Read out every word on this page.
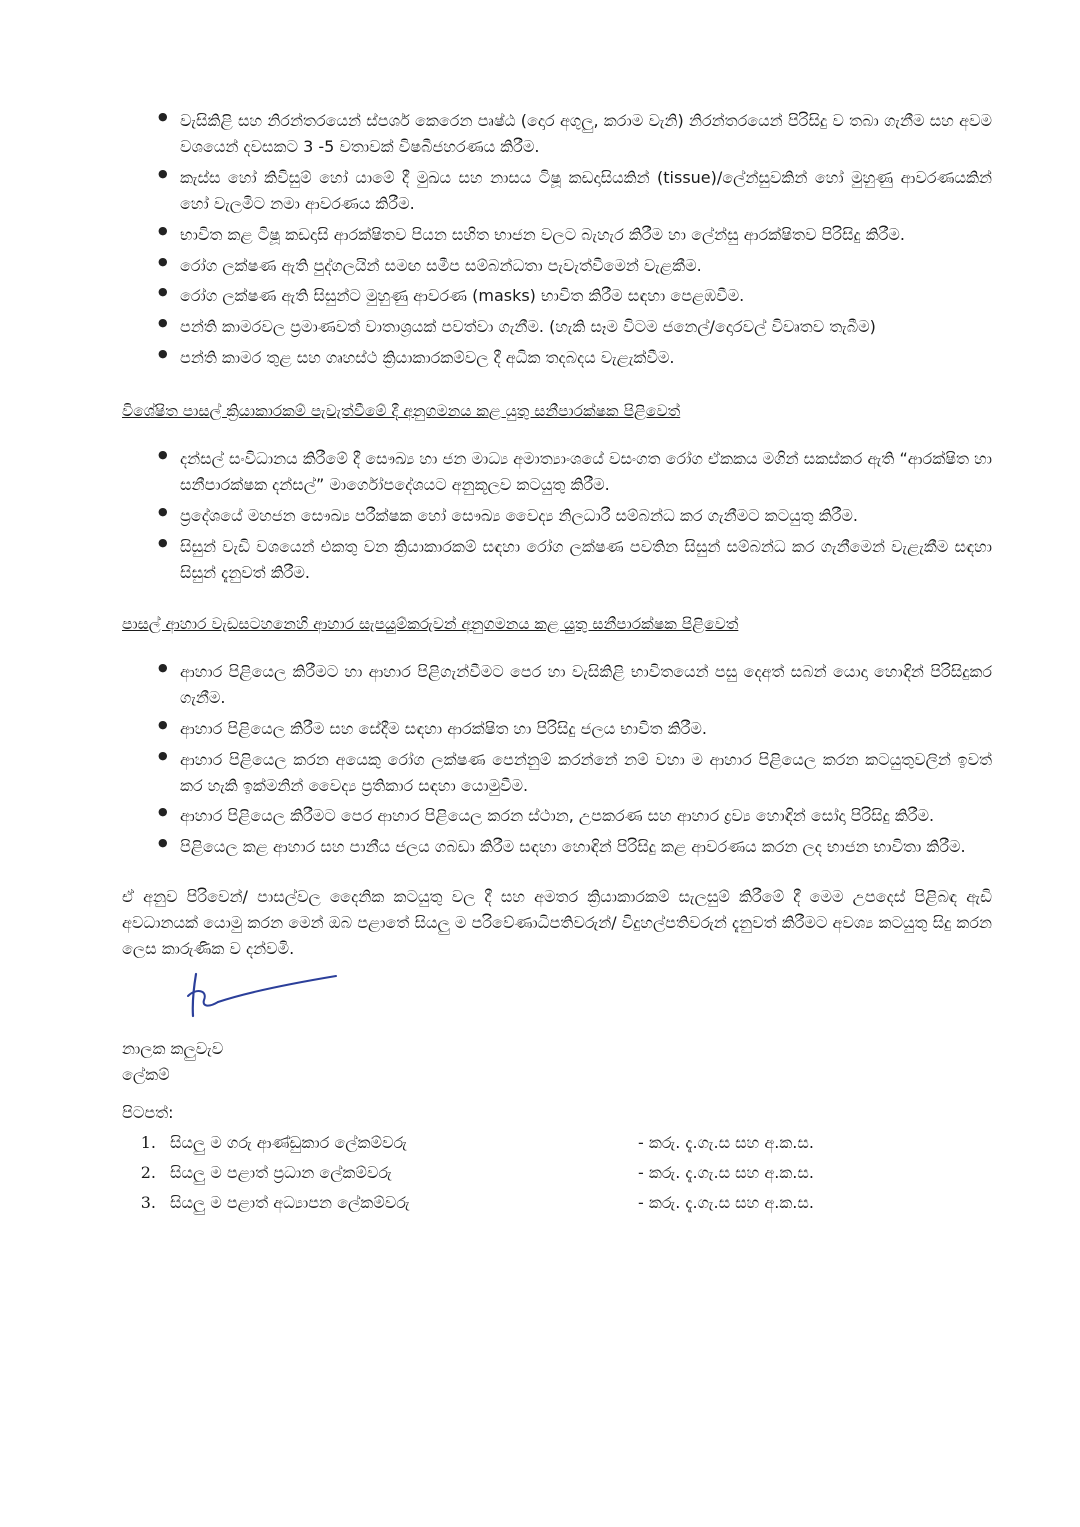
● වැසිකිළි සහ නිරන්තරයෙන් ස්පර්ශ කෙරෙන පෘෂ්ඨ (දොර අගුලු, කරාම වැනි) නිරන්තරයෙන් පිරිසිදු ව තබා ගැනීම සහ අවම වශයෙන් දවසකට 3 -5 වතාවක් විෂබීජහරණය කිරීම.
● කැස්ස හෝ කිවිසුම් හෝ යාමේ දී මුඛය සහ නාසය ටිෂූ කඩදාසියකින් (tissue)/ලේන්සුවකින් හෝ මුහුණු ආවරණයකින් හෝ වැලමිට නමා ආවරණය කිරීම.
● භාවිත කළ ටිෂූ කඩදාසි ආරක්ෂිතව පියන සහිත භාජන වලට බැහැර කිරීම හා ලේන්සු ආරක්ෂිතව පිරිසිදු කිරීම.
● රෝග ලක්ෂණ ඇති පුද්ගලයින් සමඟ සමීප සම්බන්ධතා පැවැත්වීමෙන් වැළකීම.
● රෝග ලක්ෂණ ඇති සිසුන්ට මුහුණු ආවරණ (masks) භාවිත කිරීම සඳහා පෙළඹවීම.
● පන්ති කාමරවල ප්‍රමාණවත් වාතාශ්‍රයක් පවත්වා ගැනීම. (හැකි සෑම විටම ජනෙල්/දොරවල් විවෘතව තැබීම)
● පන්ති කාමර තුළ සහ ගෘහස්ථ ක්‍රියාකාරකම්වල දී අධික තදබදය වැළැක්වීම.
විශේෂිත පාසල් ක්‍රියාකාරකම් පැවැත්වීමේ දී අනුගමනය කළ යුතු සනීපාරක්ෂක පිළිවෙත්
● දන්සල් සංවිධානය කිරීමේ දී සෞඛ්‍ය හා ජන මාධ්‍ය අමාත්‍යාංශයේ වසංගත රෝග ඒකකය මගින් සකස්කර ඇති “ආරක්ෂිත හා සනීපාරක්ෂක දන්සල්” මාර්ගෝපදේශයට අනුකූලව කටයුතු කිරීම.
● ප්‍රදේශයේ මහජන සෞඛ්‍ය පරීක්ෂක හෝ සෞඛ්‍ය වෛද්‍ය නිලධාරී සම්බන්ධ කර ගැනීමට කටයුතු කිරීම.
● සිසුන් වැඩි වශයෙන් එකතු වන ක්‍රියාකාරකම් සඳහා රෝග ලක්ෂණ පවතින සිසුන් සම්බන්ධ කර ගැනීමෙන් වැළැකීම සඳහා සිසුන් දැනුවත් කිරීම.
පාසල් ආහාර වැඩසටහනෙහි ආහාර සැපයුම්කරුවන් අනුගමනය කළ යුතු සනීපාරක්ෂක පිළිවෙත්
● ආහාර පිළියෙල කිරීමට හා ආහාර පිළිගැන්වීමට පෙර හා වැසිකිළි භාවිතයෙන් පසු දෙඅත් සබන් යොදා හොඳින් පිරිසිදුකර ගැනීම.
● ආහාර පිළියෙල කිරීම සහ සේදීම සඳහා ආරක්ෂිත හා පිරිසිදු ජලය භාවිත කිරීම.
● ආහාර පිළියෙල කරන අයෙකු රෝග ලක්ෂණ පෙන්නුම් කරන්නේ නම් වහා ම ආහාර පිළියෙල කරන කටයුතුවලින් ඉවත් කර හැකි ඉක්මනින් වෛද්‍ය ප්‍රතිකාර සඳහා යොමුවීම.
● ආහාර පිළියෙල කිරීමට පෙර ආහාර පිළියෙල කරන ස්ථාන, උපකරණ සහ ආහාර ද්‍රව්‍ය හොඳින් සෝදා පිරිසිදු කිරීම.
● පිළියෙල කළ ආහාර සහ පානීය ජලය ගබඩා කිරීම සඳහා හොඳින් පිරිසිදු කළ ආවරණය කරන ලද භාජන භාවිතා කිරීම.

ඒ අනුව පිරිවෙන්/ පාසල්වල දෛනික කටයුතු වල දී සහ අමතර ක්‍රියාකාරකම් සැලසුම් කිරීමේ දී මෙම උපදෙස් පිළිබඳ ඇඩි අවධානයක් යොමු කරන මෙන් ඔබ පළාතේ සියලු ම පරිවේණාධිපතිවරුන්/ විදුහල්පතිවරුන් දැනුවත් කිරීමට අවශ්‍ය කටයුතු සිදු කරන ලෙස කාරුණික ව දන්වමි.

නාලක කලුවැව

ලේකම්

පිටපත්:

1. සියලු ම ගරු ආණ්ඩුකාර ලේකම්වරු	- කරු. දැ.ගැ.ස සහ අ.ක.ස.
2. සියලු ම පළාත් ප්‍රධාන ලේකම්වරු	- කරු. දැ.ගැ.ස සහ අ.ක.ස.
3. සියලු ම පළාත් අධ්‍යාපන ලේකම්වරු	- කරු. දැ.ගැ.ස සහ අ.ක.ස.
